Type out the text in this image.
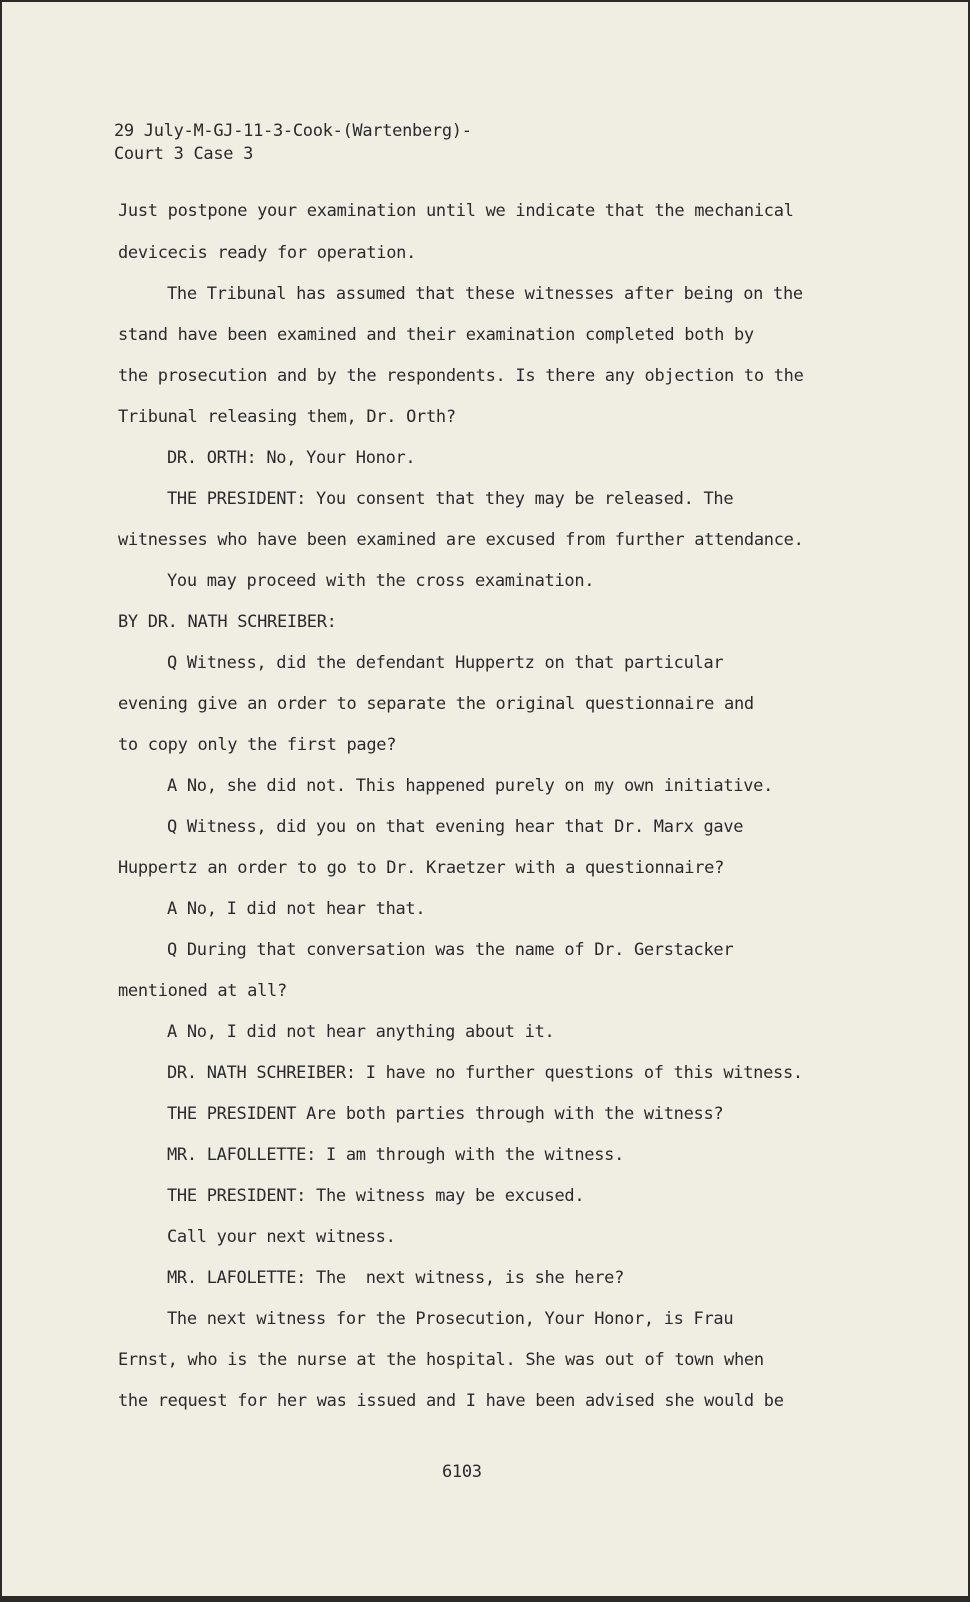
29 July-M-GJ-11-3-Cook-(Wartenberg)-
Court 3 Case 3
Just postpone your examination until we indicate that the mechanical
devicecis ready for operation.
The Tribunal has assumed that these witnesses after being on the
stand have been examined and their examination completed both by
the prosecution and by the respondents. Is there any objection to the
Tribunal releasing them, Dr. Orth?
DR. ORTH: No, Your Honor.
THE PRESIDENT: You consent that they may be released. The
witnesses who have been examined are excused from further attendance.
You may proceed with the cross examination.
BY DR. NATH SCHREIBER:
Q Witness, did the defendant Huppertz on that particular
evening give an order to separate the original questionnaire and
to copy only the first page?
A No, she did not. This happened purely on my own initiative.
Q Witness, did you on that evening hear that Dr. Marx gave
Huppertz an order to go to Dr. Kraetzer with a questionnaire?
A No, I did not hear that.
Q During that conversation was the name of Dr. Gerstacker
mentioned at all?
A No, I did not hear anything about it.
DR. NATH SCHREIBER: I have no further questions of this witness.
THE PRESIDENT Are both parties through with the witness?
MR. LAFOLLETTE: I am through with the witness.
THE PRESIDENT: The witness may be excused.
Call your next witness.
MR. LAFOLETTE: The  next witness, is she here?
The next witness for the Prosecution, Your Honor, is Frau
Ernst, who is the nurse at the hospital. She was out of town when
the request for her was issued and I have been advised she would be
6103
